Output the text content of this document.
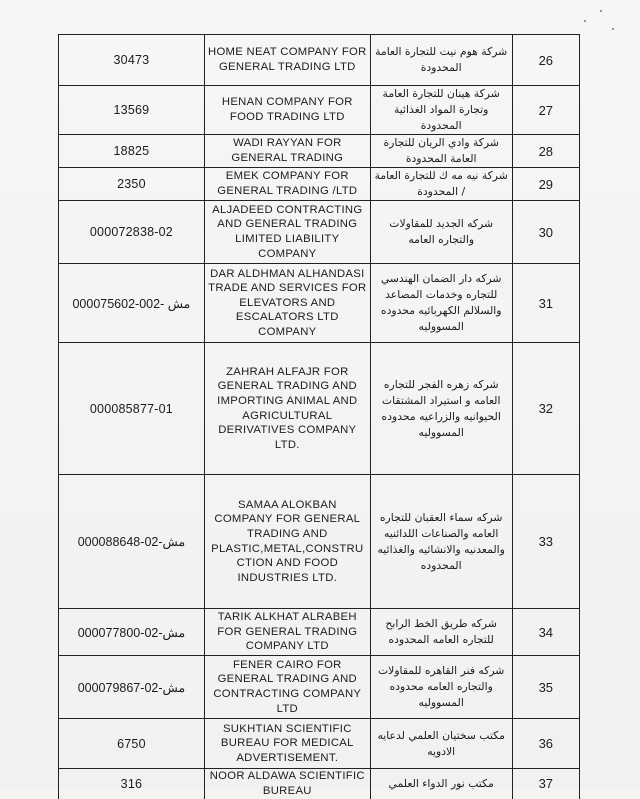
30473	HOME NEAT COMPANY FOR GENERAL TRADING LTD	شركة هوم نيت للتجارة العامة المحدودة	26
13569	HENAN COMPANY FOR FOOD TRADING LTD	شركة هينان للتجارة العامة وتجارة المواد الغذائية المحدودة	27
18825	WADI RAYYAN FOR GENERAL TRADING	شركة وادي الريان للتجارة العامة المحدودة	28
2350	EMEK COMPANY FOR GENERAL TRADING /LTD	شركة نيه مه ك للتجارة العامة / المحدودة	29
000072838-02	ALJADEED CONTRACTING AND GENERAL TRADING LIMITED LIABILITY COMPANY	شركه الجديد للمقاولات والتجاره العامه	30
مش -002-000075602	DAR ALDHMAN ALHANDASI TRADE AND SERVICES FOR ELEVATORS AND ESCALATORS LTD COMPANY	شركه دار الضمان الهندسي للتجاره وخدمات المصاعد والسلالم الكهربائيه محدوده المسووليه	31
000085877-01	ZAHRAH ALFAJR FOR GENERAL TRADING AND IMPORTING ANIMAL AND AGRICULTURAL DERIVATIVES COMPANY LTD.	شركه زهره الفجر للتجاره العامه و استيراد المشتقات الحيوانيه والزراعيه محدوده المسووليه	32
مش-02-000088648	SAMAA ALOKBAN COMPANY FOR GENERAL TRADING AND PLASTIC,METAL,CONSTRU CTION AND FOOD INDUSTRIES LTD.	شركه سماء العقبان للتجاره العامه والصناعات اللدائنيه والمعدنيه والانشائيه والغذائيه المحدوده	33
مش-02-000077800	TARIK ALKHAT ALRABEH FOR GENERAL TRADING COMPANY LTD	شركه طريق الخط الرابح للتجاره العامه المحدوده	34
مش-02-000079867	FENER CAIRO FOR GENERAL TRADING AND CONTRACTING COMPANY LTD	شركه فنر القاهره للمقاولات والتجاره العامه محدوده المسووليه	35
6750	SUKHTIAN SCIENTIFIC BUREAU FOR MEDICAL ADVERTISEMENT.	مكتب سختيان العلمي لدعايه الادويه	36
316	NOOR ALDAWA SCIENTIFIC BUREAU	مكتب نور الدواء العلمي	37
